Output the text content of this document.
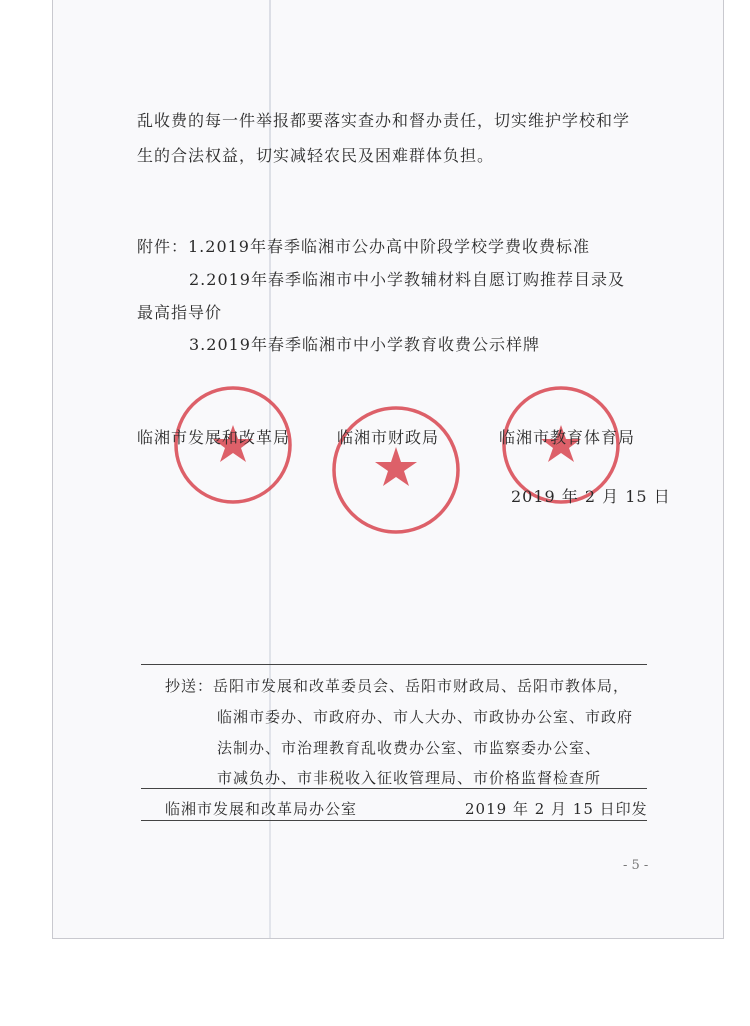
乱收费的每一件举报都要落实查办和督办责任，切实维护学校和学
生的合法权益，切实减轻农民及困难群体负担。
附件：1.2019年春季临湘市公办高中阶段学校学费收费标准
2.2019年春季临湘市中小学教辅材料自愿订购推荐目录及
最高指导价
3.2019年春季临湘市中小学教育收费公示样牌
临湘市发展和改革局	临湘市财政局	临湘市教育体育局
2019 年 2 月 15 日
抄送：岳阳市发展和改革委员会、岳阳市财政局、岳阳市教体局，
临湘市委办、市政府办、市人大办、市政协办公室、市政府
法制办、市治理教育乱收费办公室、市监察委办公室、
市减负办、市非税收入征收管理局、市价格监督检查所
临湘市发展和改革局办公室	2019 年 2 月 15 日印发
- 5 -
